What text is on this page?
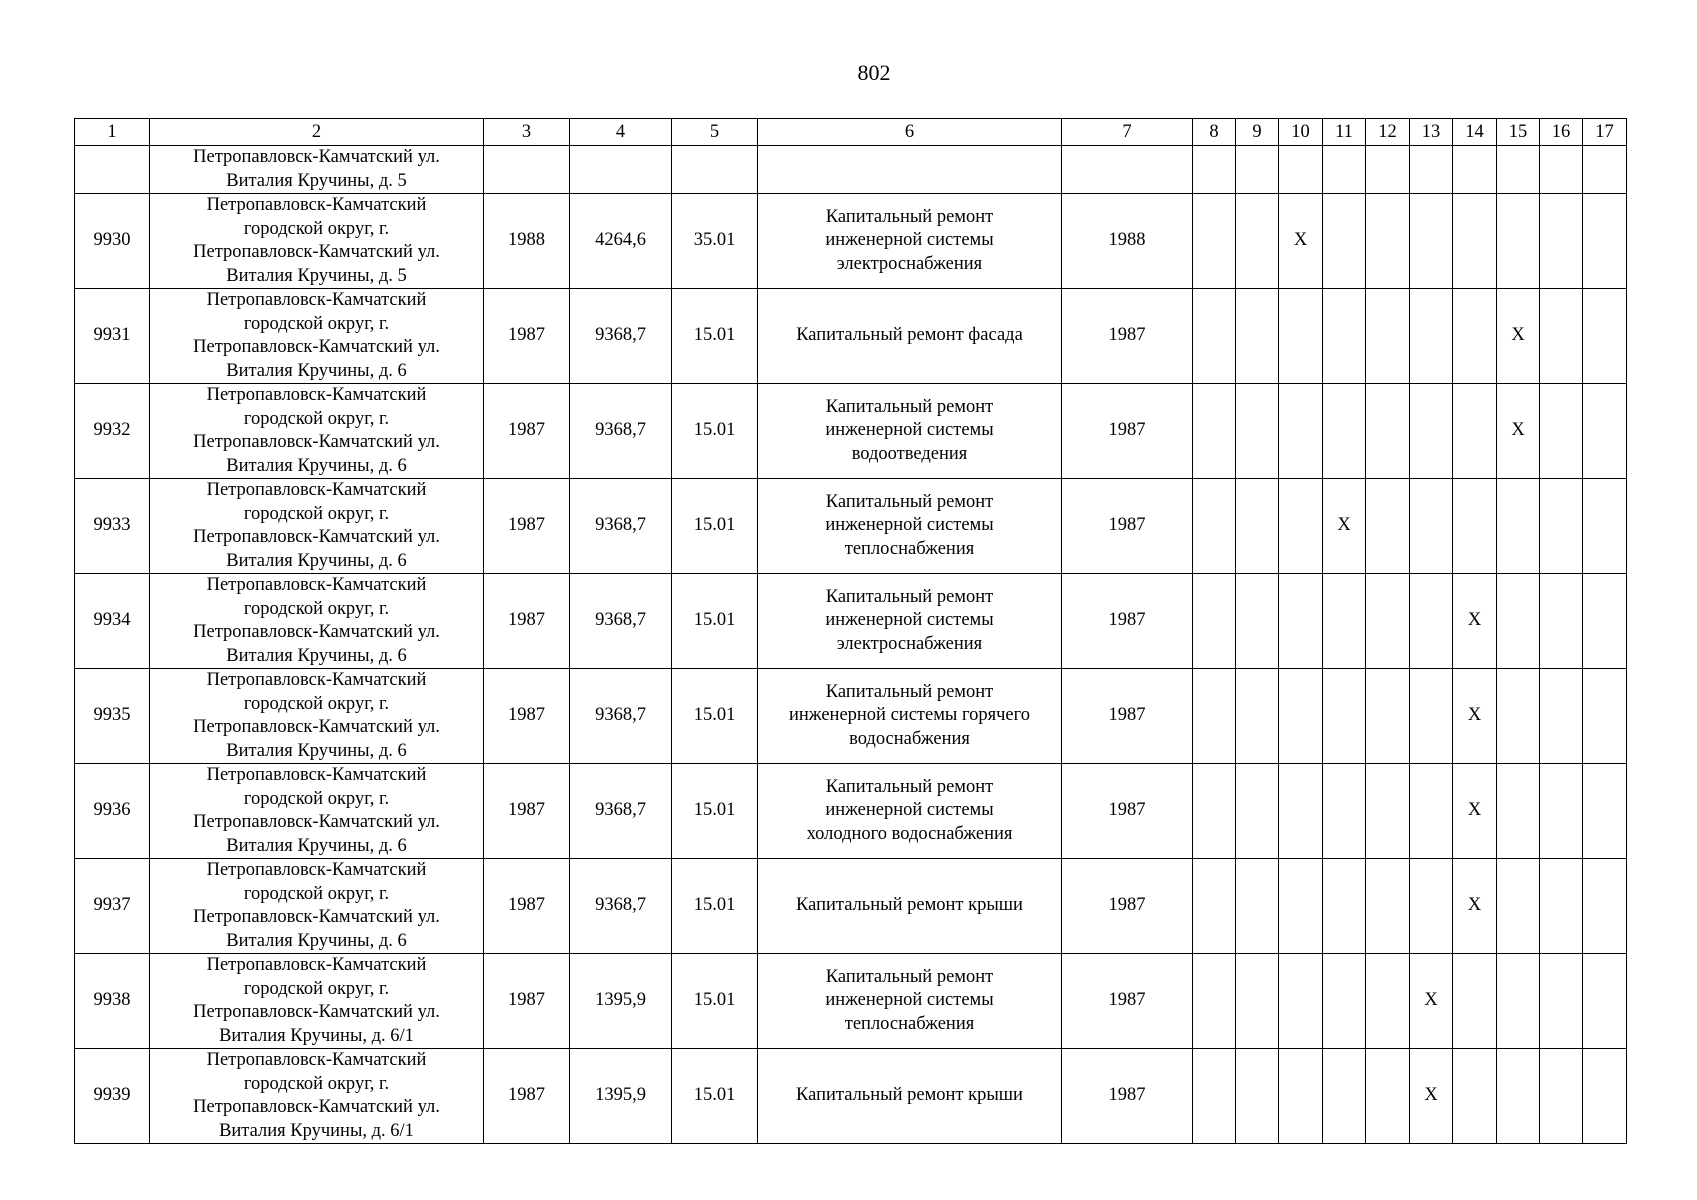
802
1	2	3	4	5	6	7	8	9	10	11	12	13	14	15	16	17
	Петропавловск-Камчатский ул.
Виталия Кручины, д. 5															
9930	Петропавловск-Камчатский
городской округ, г.
Петропавловск-Камчатский ул.
Виталия Кручины, д. 5	1988	4264,6	35.01	Капитальный ремонт
инженерной системы
электроснабжения	1988			X							
9931	Петропавловск-Камчатский
городской округ, г.
Петропавловск-Камчатский ул.
Виталия Кручины, д. 6	1987	9368,7	15.01	Капитальный ремонт фасада	1987								X		
9932	Петропавловск-Камчатский
городской округ, г.
Петропавловск-Камчатский ул.
Виталия Кручины, д. 6	1987	9368,7	15.01	Капитальный ремонт
инженерной системы
водоотведения	1987								X		
9933	Петропавловск-Камчатский
городской округ, г.
Петропавловск-Камчатский ул.
Виталия Кручины, д. 6	1987	9368,7	15.01	Капитальный ремонт
инженерной системы
теплоснабжения	1987				X						
9934	Петропавловск-Камчатский
городской округ, г.
Петропавловск-Камчатский ул.
Виталия Кручины, д. 6	1987	9368,7	15.01	Капитальный ремонт
инженерной системы
электроснабжения	1987							X			
9935	Петропавловск-Камчатский
городской округ, г.
Петропавловск-Камчатский ул.
Виталия Кручины, д. 6	1987	9368,7	15.01	Капитальный ремонт
инженерной системы горячего
водоснабжения	1987							X			
9936	Петропавловск-Камчатский
городской округ, г.
Петропавловск-Камчатский ул.
Виталия Кручины, д. 6	1987	9368,7	15.01	Капитальный ремонт
инженерной системы
холодного водоснабжения	1987							X			
9937	Петропавловск-Камчатский
городской округ, г.
Петропавловск-Камчатский ул.
Виталия Кручины, д. 6	1987	9368,7	15.01	Капитальный ремонт крыши	1987							X			
9938	Петропавловск-Камчатский
городской округ, г.
Петропавловск-Камчатский ул.
Виталия Кручины, д. 6/1	1987	1395,9	15.01	Капитальный ремонт
инженерной системы
теплоснабжения	1987						X				
9939	Петропавловск-Камчатский
городской округ, г.
Петропавловск-Камчатский ул.
Виталия Кручины, д. 6/1	1987	1395,9	15.01	Капитальный ремонт крыши	1987						X				
